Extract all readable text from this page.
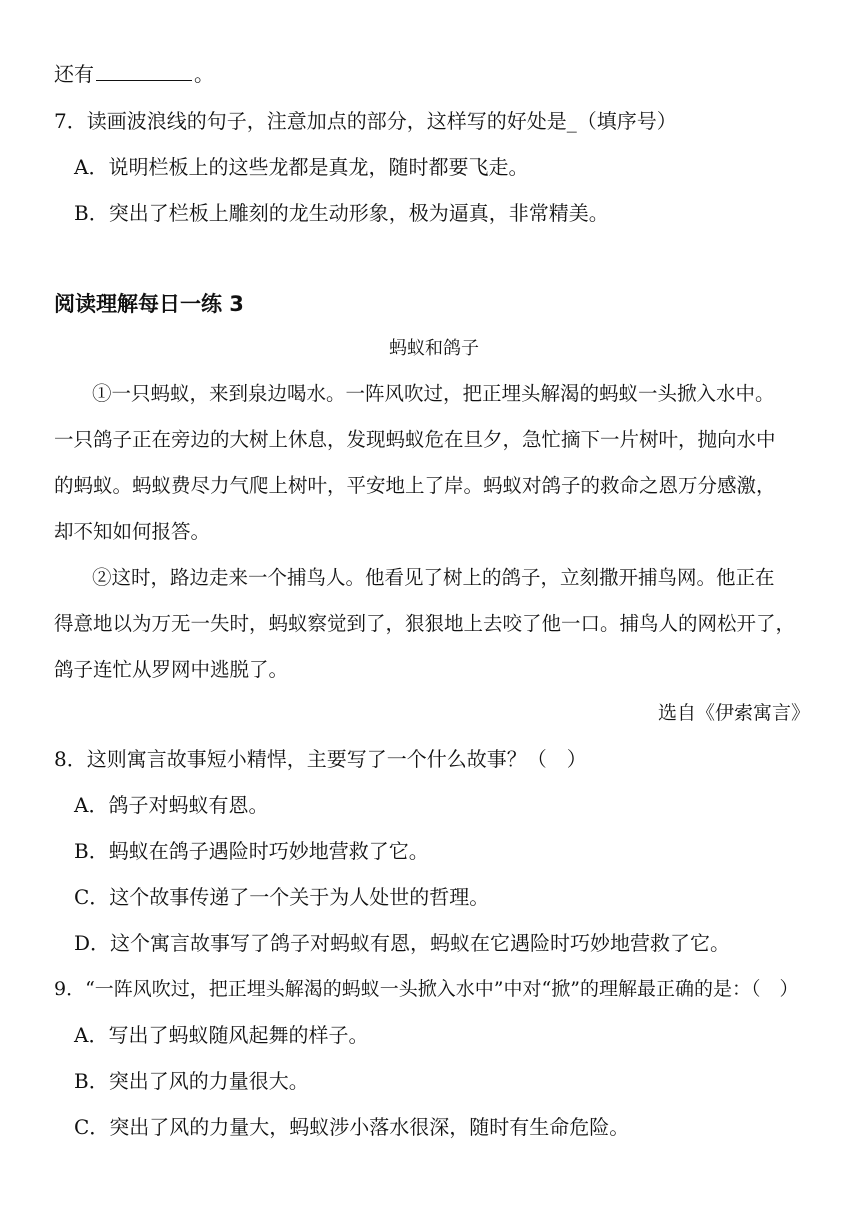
还有	。
7．读画波浪线的句子，注意加点的部分，这样写的好处是_（填序号）
A．说明栏板上的这些龙都是真龙，随时都要飞走。
B．突出了栏板上雕刻的龙生动形象，极为逼真，非常精美。
阅读理解每日一练 3
蚂蚁和鸽子
①一只蚂蚁，来到泉边喝水。一阵风吹过，把正埋头解渴的蚂蚁一头掀入水中。
一只鸽子正在旁边的大树上休息，发现蚂蚁危在旦夕，急忙摘下一片树叶，抛向水中
的蚂蚁。蚂蚁费尽力气爬上树叶，平安地上了岸。蚂蚁对鸽子的救命之恩万分感激，
却不知如何报答。
②这时，路边走来一个捕鸟人。他看见了树上的鸽子，立刻撒开捕鸟网。他正在
得意地以为万无一失时，蚂蚁察觉到了，狠狠地上去咬了他一口。捕鸟人的网松开了，
鸽子连忙从罗网中逃脱了。
选自《伊索寓言》
8．这则寓言故事短小精悍，主要写了一个什么故事？（　）
A．鸽子对蚂蚁有恩。
B．蚂蚁在鸽子遇险时巧妙地营救了它。
C．这个故事传递了一个关于为人处世的哲理。
D．这个寓言故事写了鸽子对蚂蚁有恩，蚂蚁在它遇险时巧妙地营救了它。
9．“一阵风吹过，把正埋头解渴的蚂蚁一头掀入水中”中对“掀”的理解最正确的是：（　）
A．写出了蚂蚁随风起舞的样子。
B．突出了风的力量很大。
C．突出了风的力量大，蚂蚁涉小落水很深，随时有生命危险。
